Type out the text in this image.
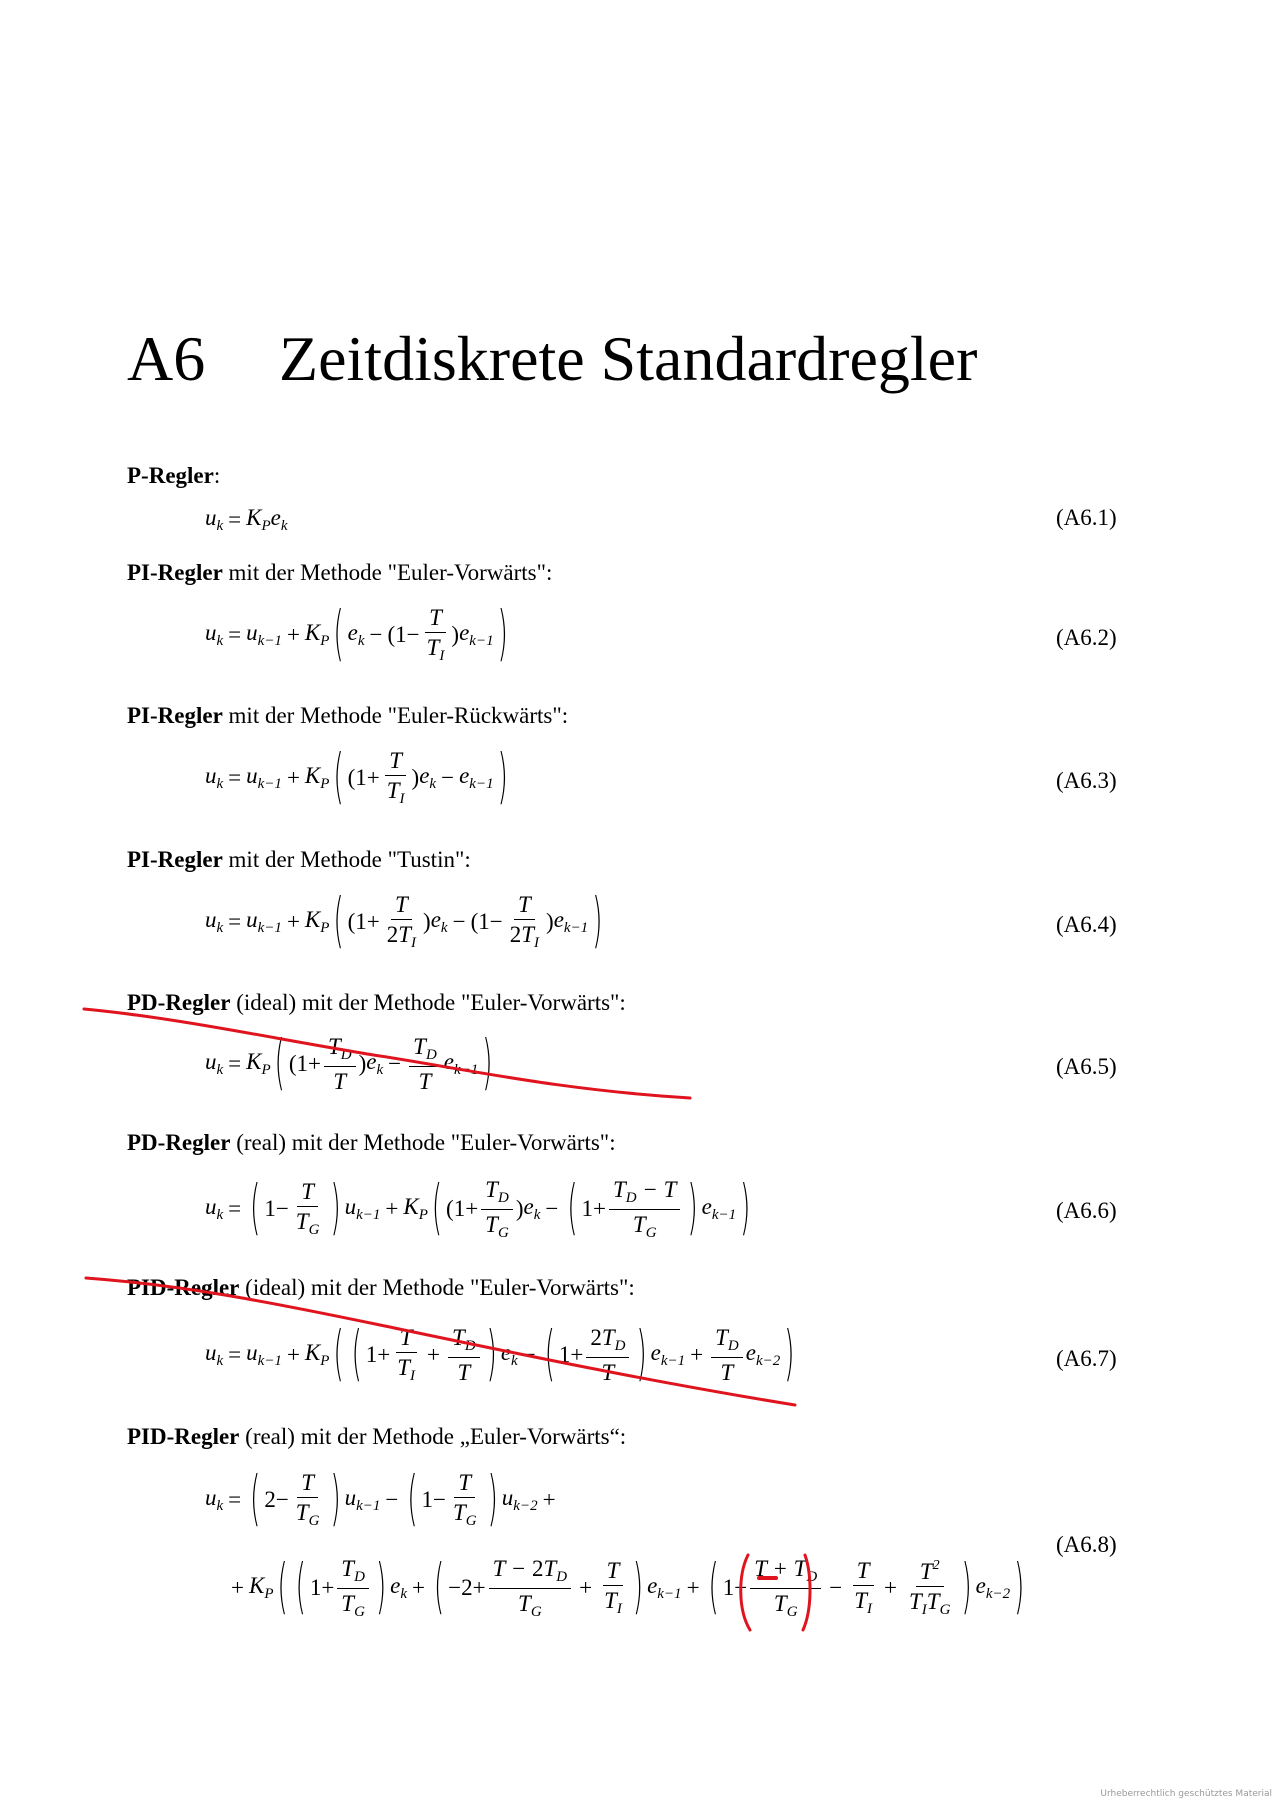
A6 Zeitdiskrete Standardregler
P-Regler:
$u_k = K_Pe_k$	(A6.1)
PI-Regler mit der Methode "Euler-Vorwärts":
$u_k = u_{k-1} + K_P$ ( $e_k - (1- \frac{T}{T_I}$ ) $e_{k-1}$ )	(A6.2)
PI-Regler mit der Methode "Euler-Rückwärts":
$u_k = u_{k-1} + K_P$ ( ($1+ \frac{T}{T_I}$ ) $e_k - e_{k-1}$ )	(A6.3)
PI-Regler mit der Methode "Tustin":
$u_k = u_{k-1} + K_P$ ( ($1+ \frac{T}{2T_I}$ ) $e_k - (1- \frac{T}{2T_I}$ ) $e_{k-1}$ )	(A6.4)
PD-Regler (ideal) mit der Methode "Euler-Vorwärts":
$u_k = K_P$ ( ($1+ \frac{T_D}{T}$ ) $e_k - \frac{T_D}{T} e_{k-1}$ )	(A6.5)
PD-Regler (real) mit der Methode "Euler-Vorwärts":
$u_k$ = ( $1- \frac{T}{T_G}$ ) $u_{k-1} + K_P$ ( ($1+ \frac{T_D}{T_G}$ ) $e_k$ − ( $1+ \frac{T_D - T}{T_G}$ ) $e_{k-1}$ )	(A6.6)
PID-Regler (ideal) mit der Methode "Euler-Vorwärts":
$u_k = u_{k-1} + K_P$ ( ( $1+ \frac{T}{T_I} + \frac{T_D}{T}$ ) $e_k$ − ( $1+ \frac{2T_D}{T}$ ) $e_{k-1} + \frac{T_D}{T} e_{k-2}$ )	(A6.7)
PID-Regler (real) mit der Methode „Euler-Vorwärts“:
$u_k$ = ( $2- \frac{T}{T_G}$ ) $u_{k-1}$ − ( $1- \frac{T}{T_G}$ ) $u_{k-2}$ +
+ $K_P$ ( ( $1+ \frac{T_D}{T_G}$ ) $e_k$ + ( $-2+ \frac{T - 2T_D}{T_G} + \frac{T}{T_I}$ ) $e_{k-1}$ + ( $1- \frac{T + T_D}{T_G} - \frac{T}{T_I} + \frac{T^2}{T_IT_G}$ ) $e_{k-2}$ )
(A6.8)
Urheberrechtlich geschütztes Material
